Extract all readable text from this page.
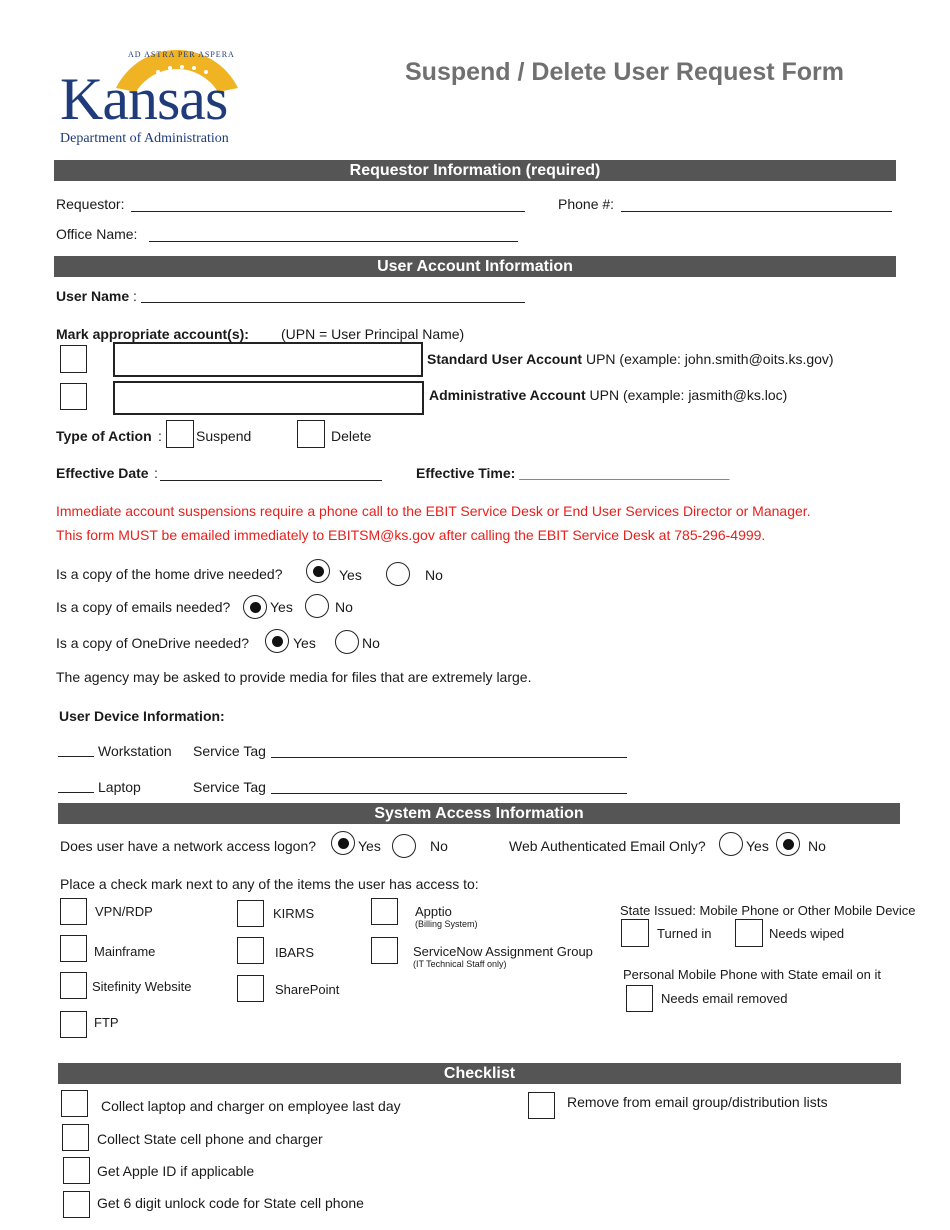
AD ASTRA PER ASPERA
Kansas
Department of Administration
Suspend / Delete User Request Form
Requestor Information (required)
Requestor:	Phone #:
Office Name:
User Account Information
User Name :
Mark appropriate account(s): (UPN = User Principal Name)
Standard User Account UPN (example: john.smith@oits.ks.gov)
Administrative Account UPN (example: jasmith@ks.loc)
Type of Action : Suspend	Delete
Effective Date :	Effective Time: ___________________________
Immediate account suspensions require a phone call to the EBIT Service Desk or End User Services Director or Manager.
This form MUST be emailed immediately to EBITSM@ks.gov after calling the EBIT Service Desk at 785-296-4999.
Is a copy of the home drive needed?	Yes	No
Is a copy of emails needed?	Yes	No
Is a copy of OneDrive needed?	Yes	No
The agency may be asked to provide media for files that are extremely large.
User Device Information:
Workstation Service Tag
Laptop	Service Tag
System Access Information
Does user have a network access logon?	Yes	No	Web Authenticated Email Only?	Yes	No
Place a check mark next to any of the items the user has access to:
VPN/RDP
Mainframe
Sitefinity Website
FTP
KIRMS
IBARS
SharePoint
Apptio
(Billing System)
ServiceNow Assignment Group
(IT Technical Staff only)
State Issued: Mobile Phone or Other Mobile Device
Turned in	Needs wiped
Personal Mobile Phone with State email on it
Needs email removed
Checklist
Collect laptop and charger on employee last day
Collect State cell phone and charger
Get Apple ID if applicable
Get 6 digit unlock code for State cell phone
Remove from email group/distribution lists
